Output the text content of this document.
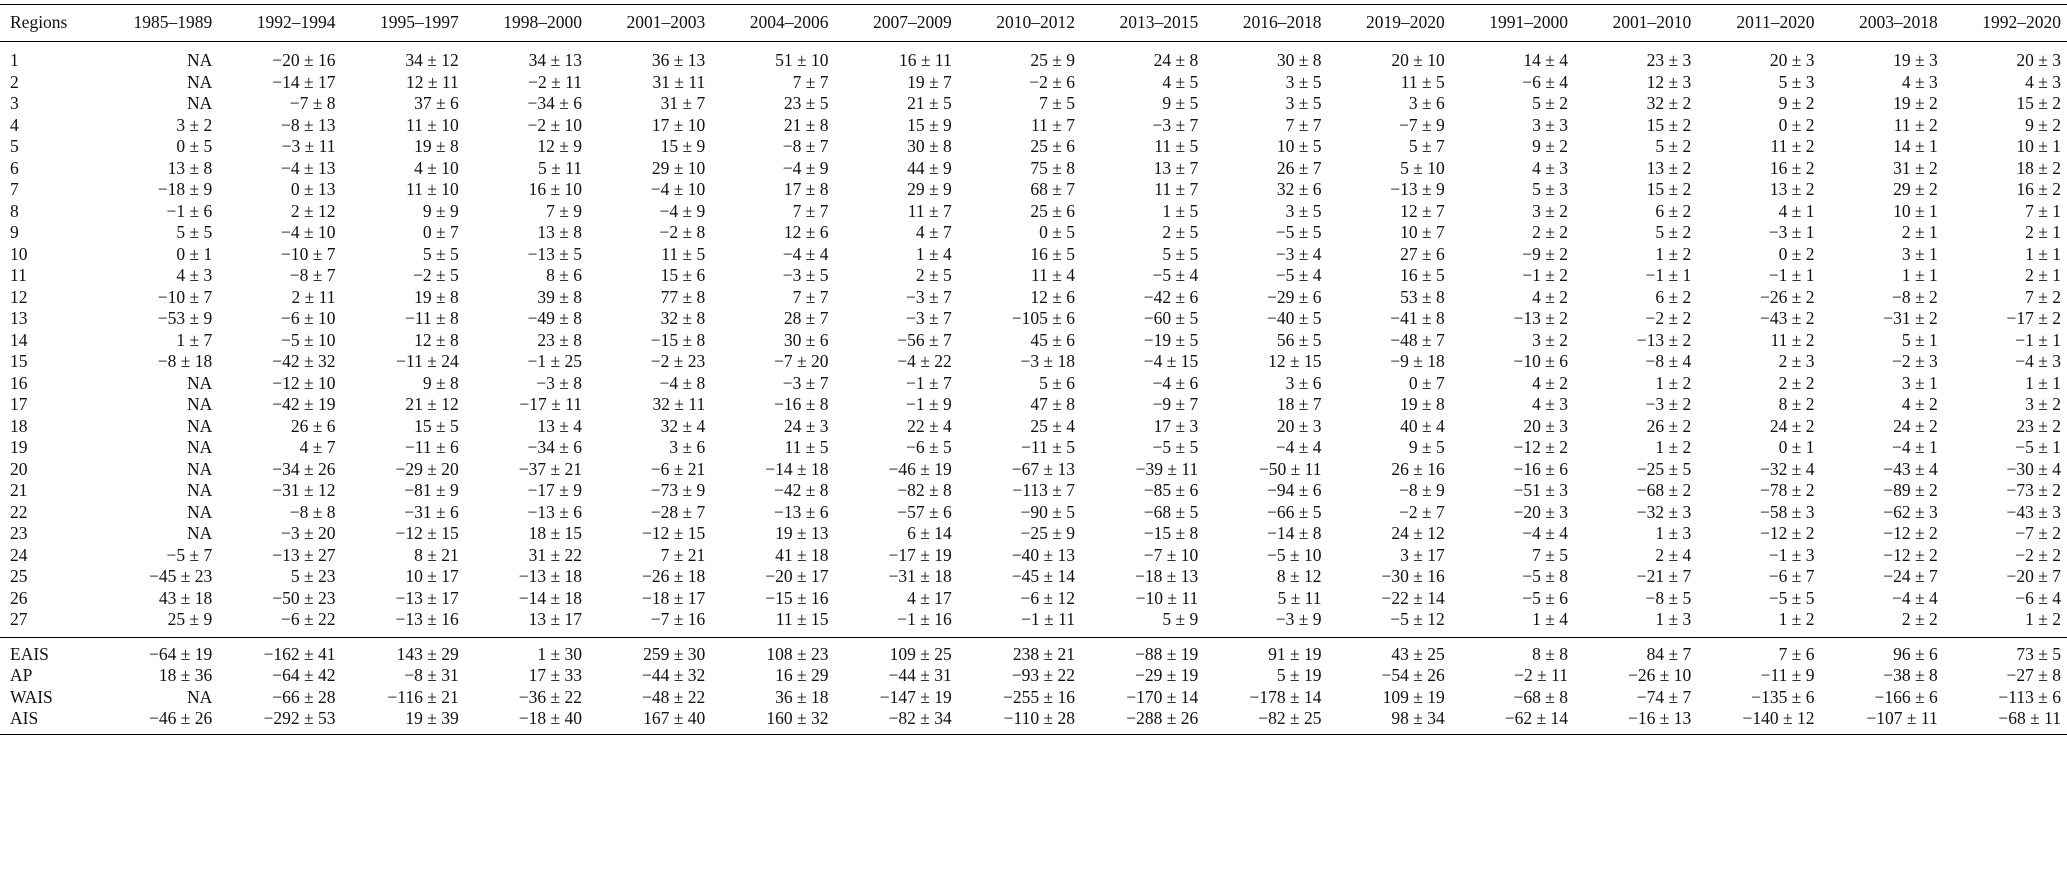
Regions	1985–1989	1992–1994	1995–1997	1998–2000	2001–2003	2004–2006	2007–2009	2010–2012	2013–2015	2016–2018	2019–2020	1991–2000	2001–2010	2011–2020	2003–2018	1992–2020
1	NA	−20 ± 16	34 ± 12	34 ± 13	36 ± 13	51 ± 10	16 ± 11	25 ± 9	24 ± 8	30 ± 8	20 ± 10	14 ± 4	23 ± 3	20 ± 3	19 ± 3	20 ± 3
2	NA	−14 ± 17	12 ± 11	−2 ± 11	31 ± 11	7 ± 7	19 ± 7	−2 ± 6	4 ± 5	3 ± 5	11 ± 5	−6 ± 4	12 ± 3	5 ± 3	4 ± 3	4 ± 3
3	NA	−7 ± 8	37 ± 6	−34 ± 6	31 ± 7	23 ± 5	21 ± 5	7 ± 5	9 ± 5	3 ± 5	3 ± 6	5 ± 2	32 ± 2	9 ± 2	19 ± 2	15 ± 2
4	3 ± 2	−8 ± 13	11 ± 10	−2 ± 10	17 ± 10	21 ± 8	15 ± 9	11 ± 7	−3 ± 7	7 ± 7	−7 ± 9	3 ± 3	15 ± 2	0 ± 2	11 ± 2	9 ± 2
5	0 ± 5	−3 ± 11	19 ± 8	12 ± 9	15 ± 9	−8 ± 7	30 ± 8	25 ± 6	11 ± 5	10 ± 5	5 ± 7	9 ± 2	5 ± 2	11 ± 2	14 ± 1	10 ± 1
6	13 ± 8	−4 ± 13	4 ± 10	5 ± 11	29 ± 10	−4 ± 9	44 ± 9	75 ± 8	13 ± 7	26 ± 7	5 ± 10	4 ± 3	13 ± 2	16 ± 2	31 ± 2	18 ± 2
7	−18 ± 9	0 ± 13	11 ± 10	16 ± 10	−4 ± 10	17 ± 8	29 ± 9	68 ± 7	11 ± 7	32 ± 6	−13 ± 9	5 ± 3	15 ± 2	13 ± 2	29 ± 2	16 ± 2
8	−1 ± 6	2 ± 12	9 ± 9	7 ± 9	−4 ± 9	7 ± 7	11 ± 7	25 ± 6	1 ± 5	3 ± 5	12 ± 7	3 ± 2	6 ± 2	4 ± 1	10 ± 1	7 ± 1
9	5 ± 5	−4 ± 10	0 ± 7	13 ± 8	−2 ± 8	12 ± 6	4 ± 7	0 ± 5	2 ± 5	−5 ± 5	10 ± 7	2 ± 2	5 ± 2	−3 ± 1	2 ± 1	2 ± 1
10	0 ± 1	−10 ± 7	5 ± 5	−13 ± 5	11 ± 5	−4 ± 4	1 ± 4	16 ± 5	5 ± 5	−3 ± 4	27 ± 6	−9 ± 2	1 ± 2	0 ± 2	3 ± 1	1 ± 1
11	4 ± 3	−8 ± 7	−2 ± 5	8 ± 6	15 ± 6	−3 ± 5	2 ± 5	11 ± 4	−5 ± 4	−5 ± 4	16 ± 5	−1 ± 2	−1 ± 1	−1 ± 1	1 ± 1	2 ± 1
12	−10 ± 7	2 ± 11	19 ± 8	39 ± 8	77 ± 8	7 ± 7	−3 ± 7	12 ± 6	−42 ± 6	−29 ± 6	53 ± 8	4 ± 2	6 ± 2	−26 ± 2	−8 ± 2	7 ± 2
13	−53 ± 9	−6 ± 10	−11 ± 8	−49 ± 8	32 ± 8	28 ± 7	−3 ± 7	−105 ± 6	−60 ± 5	−40 ± 5	−41 ± 8	−13 ± 2	−2 ± 2	−43 ± 2	−31 ± 2	−17 ± 2
14	1 ± 7	−5 ± 10	12 ± 8	23 ± 8	−15 ± 8	30 ± 6	−56 ± 7	45 ± 6	−19 ± 5	56 ± 5	−48 ± 7	3 ± 2	−13 ± 2	11 ± 2	5 ± 1	−1 ± 1
15	−8 ± 18	−42 ± 32	−11 ± 24	−1 ± 25	−2 ± 23	−7 ± 20	−4 ± 22	−3 ± 18	−4 ± 15	12 ± 15	−9 ± 18	−10 ± 6	−8 ± 4	2 ± 3	−2 ± 3	−4 ± 3
16	NA	−12 ± 10	9 ± 8	−3 ± 8	−4 ± 8	−3 ± 7	−1 ± 7	5 ± 6	−4 ± 6	3 ± 6	0 ± 7	4 ± 2	1 ± 2	2 ± 2	3 ± 1	1 ± 1
17	NA	−42 ± 19	21 ± 12	−17 ± 11	32 ± 11	−16 ± 8	−1 ± 9	47 ± 8	−9 ± 7	18 ± 7	19 ± 8	4 ± 3	−3 ± 2	8 ± 2	4 ± 2	3 ± 2
18	NA	26 ± 6	15 ± 5	13 ± 4	32 ± 4	24 ± 3	22 ± 4	25 ± 4	17 ± 3	20 ± 3	40 ± 4	20 ± 3	26 ± 2	24 ± 2	24 ± 2	23 ± 2
19	NA	4 ± 7	−11 ± 6	−34 ± 6	3 ± 6	11 ± 5	−6 ± 5	−11 ± 5	−5 ± 5	−4 ± 4	9 ± 5	−12 ± 2	1 ± 2	0 ± 1	−4 ± 1	−5 ± 1
20	NA	−34 ± 26	−29 ± 20	−37 ± 21	−6 ± 21	−14 ± 18	−46 ± 19	−67 ± 13	−39 ± 11	−50 ± 11	26 ± 16	−16 ± 6	−25 ± 5	−32 ± 4	−43 ± 4	−30 ± 4
21	NA	−31 ± 12	−81 ± 9	−17 ± 9	−73 ± 9	−42 ± 8	−82 ± 8	−113 ± 7	−85 ± 6	−94 ± 6	−8 ± 9	−51 ± 3	−68 ± 2	−78 ± 2	−89 ± 2	−73 ± 2
22	NA	−8 ± 8	−31 ± 6	−13 ± 6	−28 ± 7	−13 ± 6	−57 ± 6	−90 ± 5	−68 ± 5	−66 ± 5	−2 ± 7	−20 ± 3	−32 ± 3	−58 ± 3	−62 ± 3	−43 ± 3
23	NA	−3 ± 20	−12 ± 15	18 ± 15	−12 ± 15	19 ± 13	6 ± 14	−25 ± 9	−15 ± 8	−14 ± 8	24 ± 12	−4 ± 4	1 ± 3	−12 ± 2	−12 ± 2	−7 ± 2
24	−5 ± 7	−13 ± 27	8 ± 21	31 ± 22	7 ± 21	41 ± 18	−17 ± 19	−40 ± 13	−7 ± 10	−5 ± 10	3 ± 17	7 ± 5	2 ± 4	−1 ± 3	−12 ± 2	−2 ± 2
25	−45 ± 23	5 ± 23	10 ± 17	−13 ± 18	−26 ± 18	−20 ± 17	−31 ± 18	−45 ± 14	−18 ± 13	8 ± 12	−30 ± 16	−5 ± 8	−21 ± 7	−6 ± 7	−24 ± 7	−20 ± 7
26	43 ± 18	−50 ± 23	−13 ± 17	−14 ± 18	−18 ± 17	−15 ± 16	4 ± 17	−6 ± 12	−10 ± 11	5 ± 11	−22 ± 14	−5 ± 6	−8 ± 5	−5 ± 5	−4 ± 4	−6 ± 4
27	25 ± 9	−6 ± 22	−13 ± 16	13 ± 17	−7 ± 16	11 ± 15	−1 ± 16	−1 ± 11	5 ± 9	−3 ± 9	−5 ± 12	1 ± 4	1 ± 3	1 ± 2	2 ± 2	1 ± 2
EAIS	−64 ± 19	−162 ± 41	143 ± 29	1 ± 30	259 ± 30	108 ± 23	109 ± 25	238 ± 21	−88 ± 19	91 ± 19	43 ± 25	8 ± 8	84 ± 7	7 ± 6	96 ± 6	73 ± 5
AP	18 ± 36	−64 ± 42	−8 ± 31	17 ± 33	−44 ± 32	16 ± 29	−44 ± 31	−93 ± 22	−29 ± 19	5 ± 19	−54 ± 26	−2 ± 11	−26 ± 10	−11 ± 9	−38 ± 8	−27 ± 8
WAIS	NA	−66 ± 28	−116 ± 21	−36 ± 22	−48 ± 22	36 ± 18	−147 ± 19	−255 ± 16	−170 ± 14	−178 ± 14	109 ± 19	−68 ± 8	−74 ± 7	−135 ± 6	−166 ± 6	−113 ± 6
AIS	−46 ± 26	−292 ± 53	19 ± 39	−18 ± 40	167 ± 40	160 ± 32	−82 ± 34	−110 ± 28	−288 ± 26	−82 ± 25	98 ± 34	−62 ± 14	−16 ± 13	−140 ± 12	−107 ± 11	−68 ± 11
